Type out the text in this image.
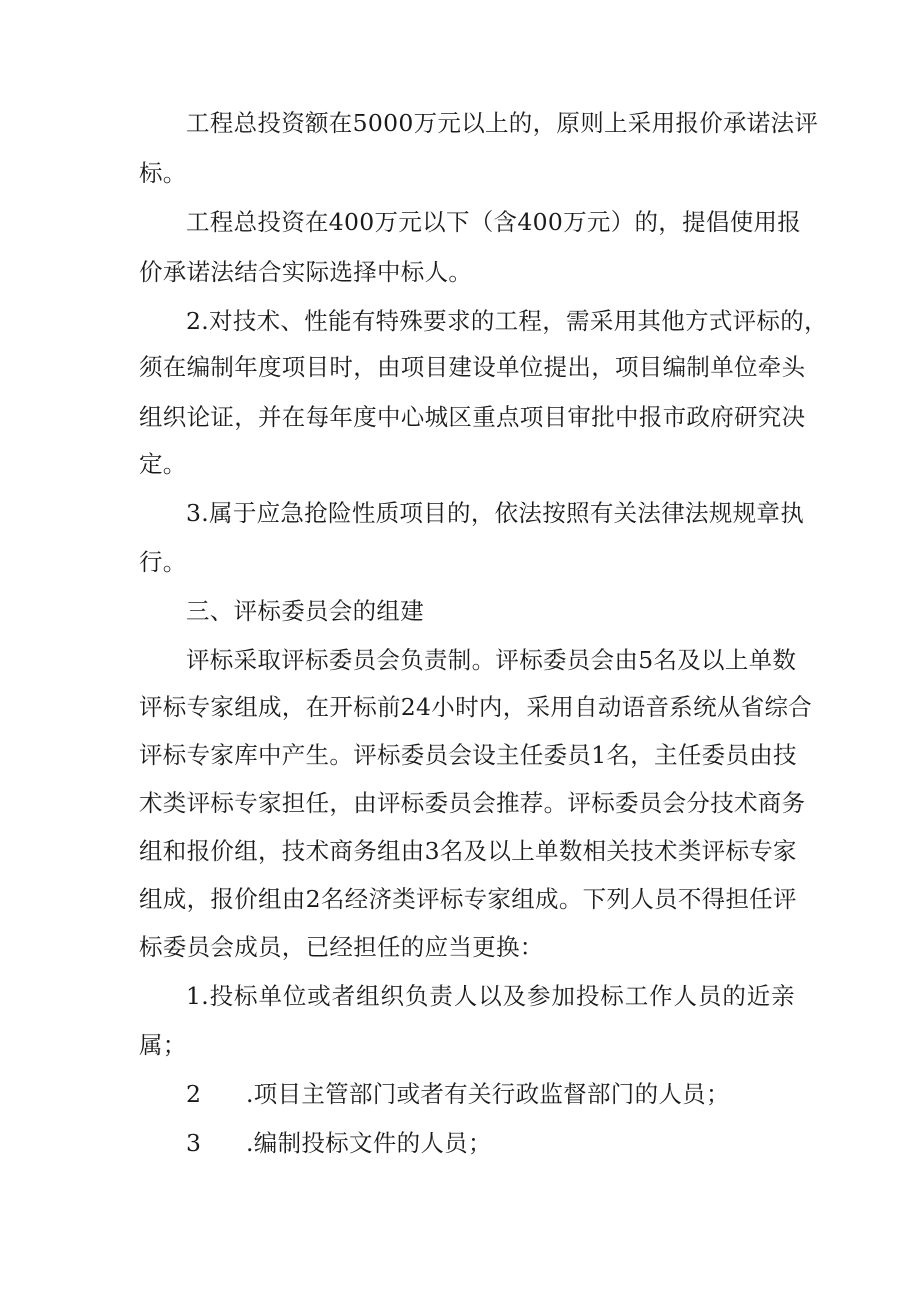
工程总投资额在5000万元以上的，原则上采用报价承诺法评
标。
工程总投资在400万元以下（含400万元）的，提倡使用报
价承诺法结合实际选择中标人。
2.对技术、性能有特殊要求的工程，需采用其他方式评标的，
须在编制年度项目时，由项目建设单位提出，项目编制单位牵头
组织论证，并在每年度中心城区重点项目审批中报市政府研究决
定。
3.属于应急抢险性质项目的，依法按照有关法律法规规章执
行。
三、评标委员会的组建
评标采取评标委员会负责制。评标委员会由5名及以上单数
评标专家组成，在开标前24小时内，采用自动语音系统从省综合
评标专家库中产生。评标委员会设主任委员1名，主任委员由技
术类评标专家担任，由评标委员会推荐。评标委员会分技术商务
组和报价组，技术商务组由3名及以上单数相关技术类评标专家
组成，报价组由2名经济类评标专家组成。下列人员不得担任评
标委员会成员，已经担任的应当更换：
1.投标单位或者组织负责人以及参加投标工作人员的近亲
属；
2 .项目主管部门或者有关行政监督部门的人员；
3 .编制投标文件的人员；
